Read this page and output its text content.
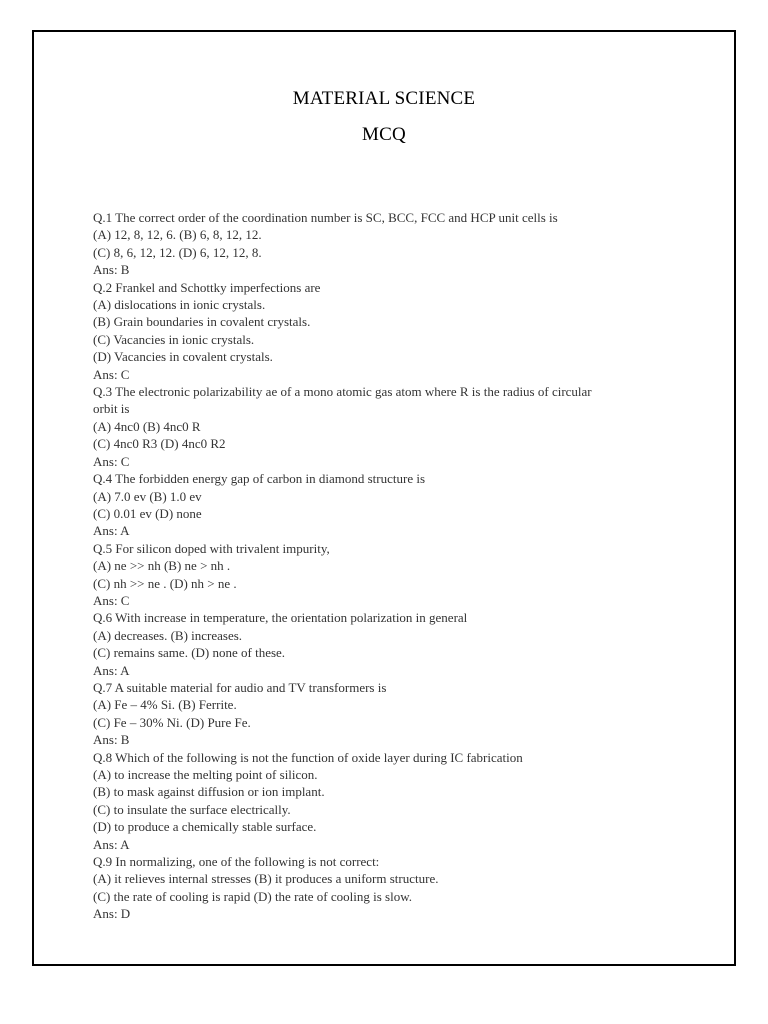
MATERIAL SCIENCE
MCQ
Q.1 The correct order of the coordination number is SC, BCC, FCC and HCP unit cells is
(A) 12, 8, 12, 6. (B) 6, 8, 12, 12.
(C) 8, 6, 12, 12. (D) 6, 12, 12, 8.
Ans: B
Q.2 Frankel and Schottky imperfections are
(A) dislocations in ionic crystals.
(B) Grain boundaries in covalent crystals.
(C) Vacancies in ionic crystals.
(D) Vacancies in covalent crystals.
Ans: C
Q.3 The electronic polarizability ae of a mono atomic gas atom where R is the radius of circular
orbit is
(A) 4nc0 (B) 4nc0 R
(C) 4nc0 R3 (D) 4nc0 R2
Ans: C
Q.4 The forbidden energy gap of carbon in diamond structure is
(A) 7.0 ev (B) 1.0 ev
(C) 0.01 ev (D) none
Ans: A
Q.5 For silicon doped with trivalent impurity,
(A) ne >> nh (B) ne > nh .
(C) nh >> ne . (D) nh > ne .
Ans: C
Q.6 With increase in temperature, the orientation polarization in general
(A) decreases. (B) increases.
(C) remains same. (D) none of these.
Ans: A
Q.7 A suitable material for audio and TV transformers is
(A) Fe – 4% Si. (B) Ferrite.
(C) Fe – 30% Ni. (D) Pure Fe.
Ans: B
Q.8 Which of the following is not the function of oxide layer during IC fabrication
(A) to increase the melting point of silicon.
(B) to mask against diffusion or ion implant.
(C) to insulate the surface electrically.
(D) to produce a chemically stable surface.
Ans: A
Q.9 In normalizing, one of the following is not correct:
(A) it relieves internal stresses (B) it produces a uniform structure.
(C) the rate of cooling is rapid (D) the rate of cooling is slow.
Ans: D
